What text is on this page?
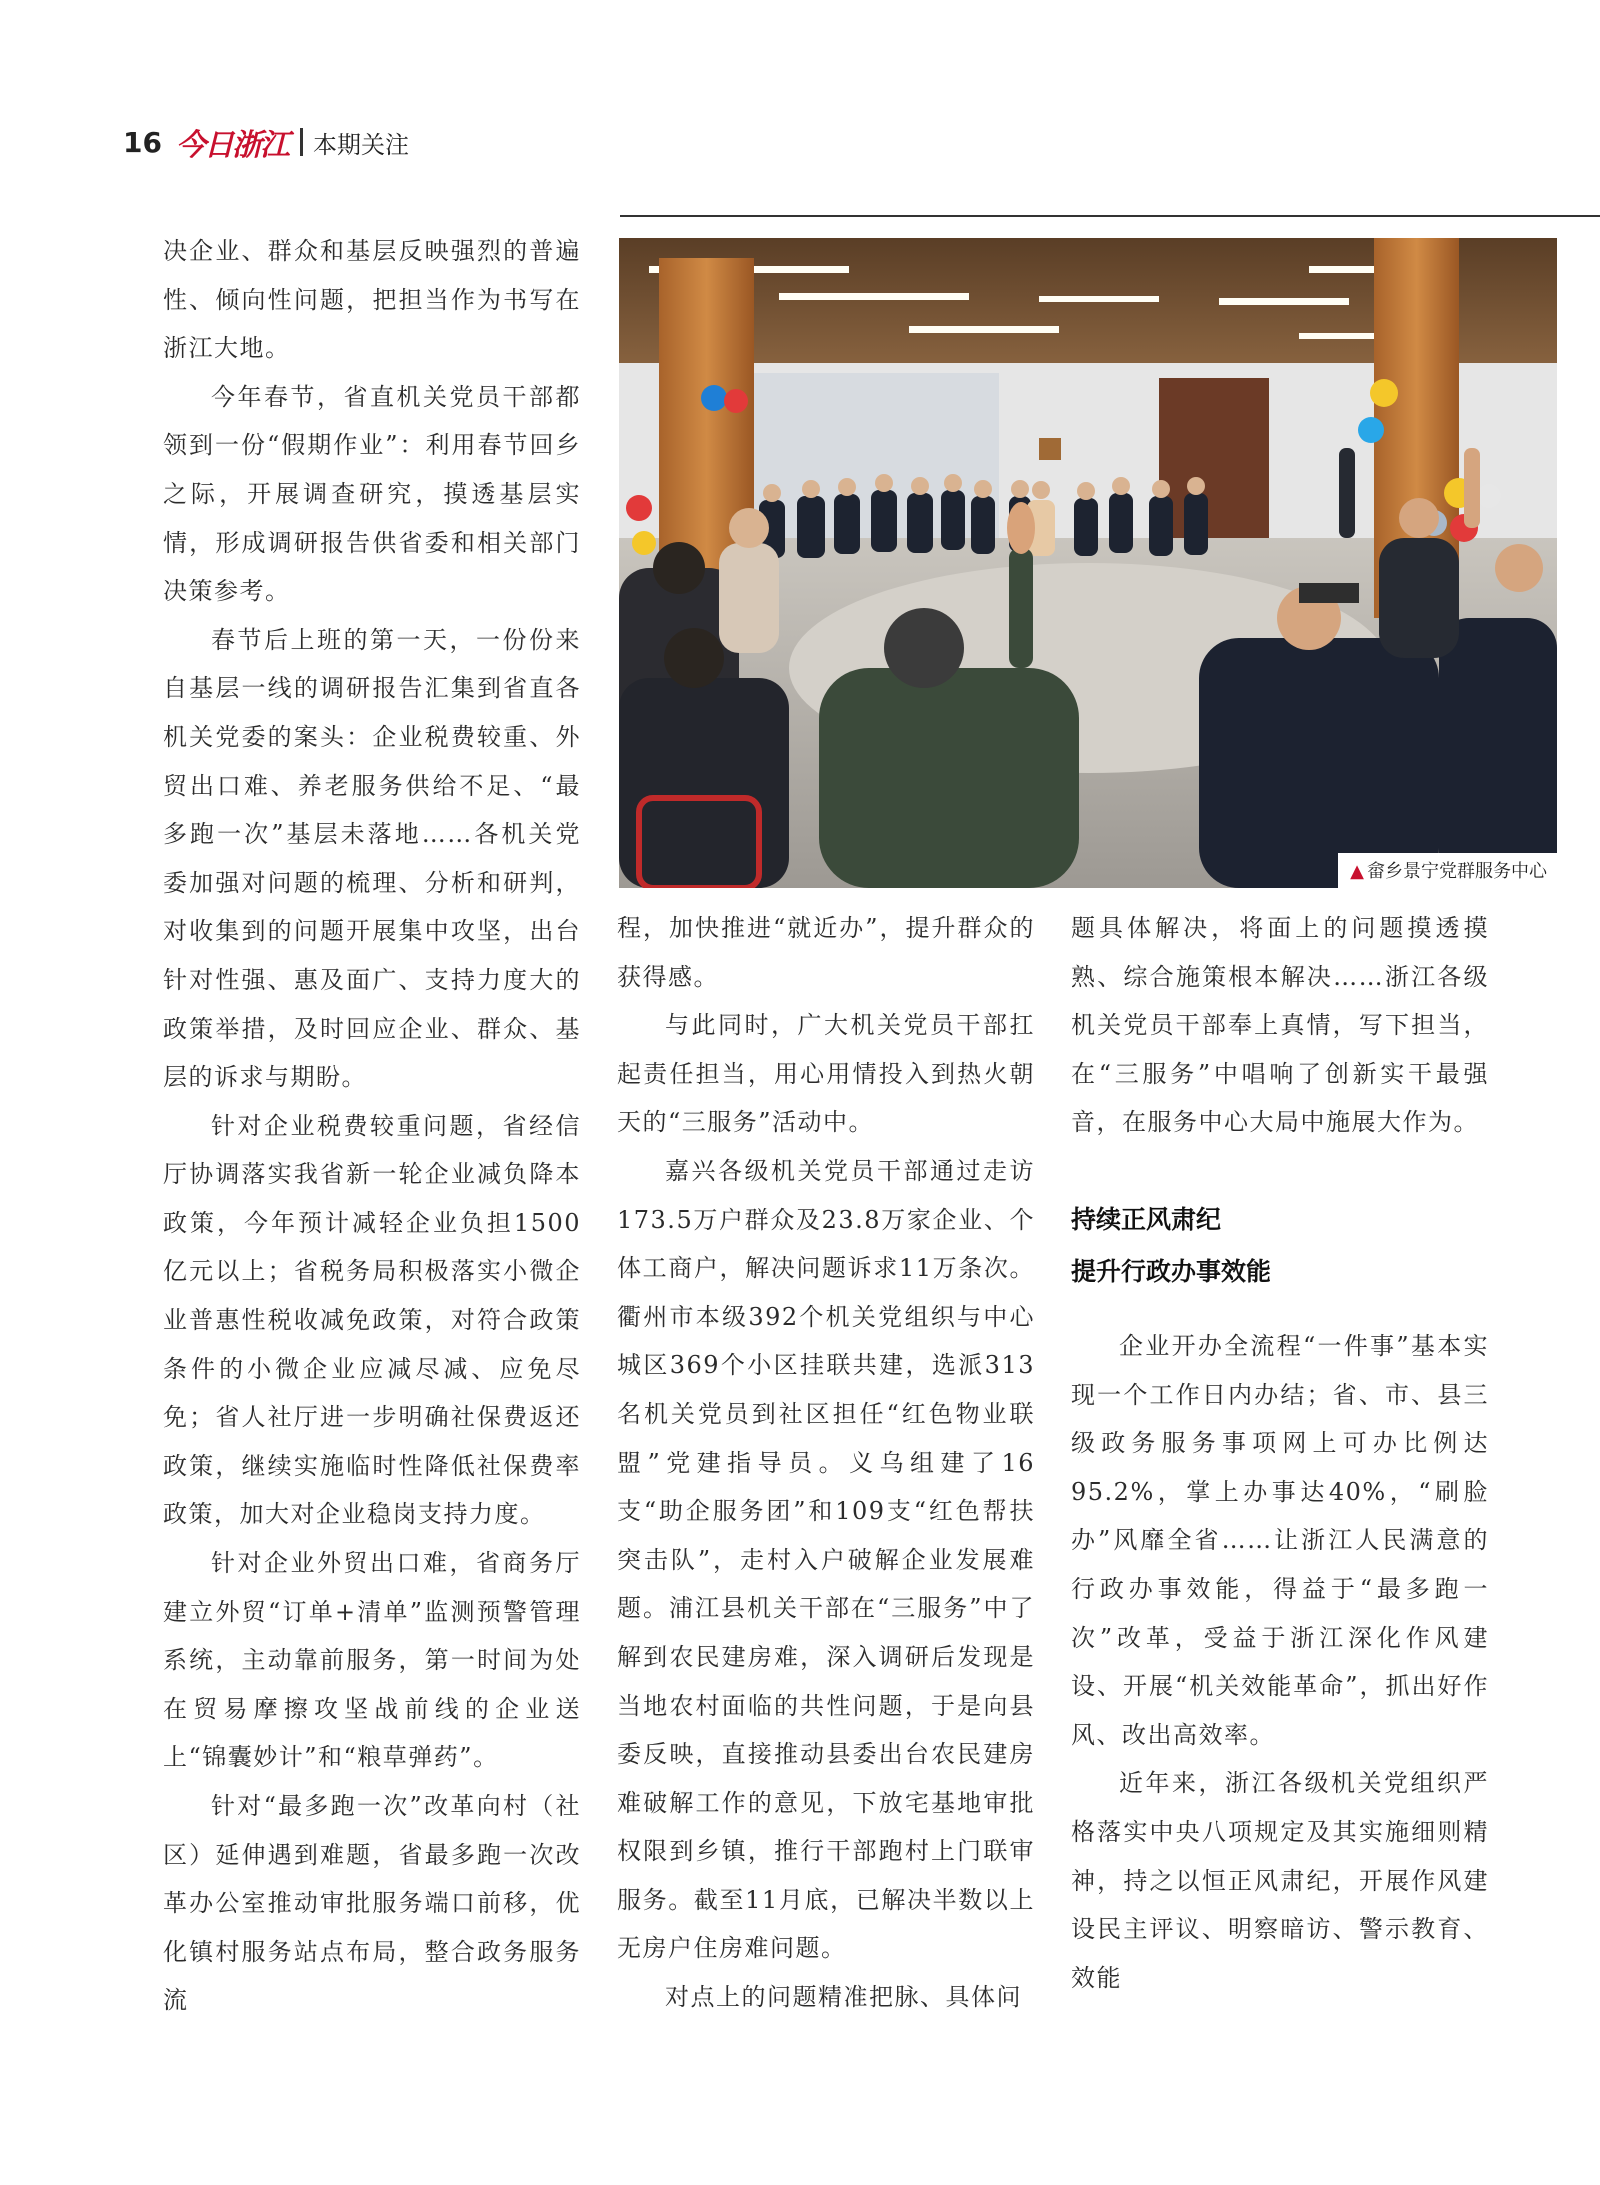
16 今日浙江 本期关注

决企业、群众和基层反映强烈的普遍性、倾向性问题，把担当作为书写在浙江大地。

今年春节，省直机关党员干部都领到一份“假期作业”：利用春节回乡之际，开展调查研究，摸透基层实情，形成调研报告供省委和相关部门决策参考。

春节后上班的第一天，一份份来自基层一线的调研报告汇集到省直各机关党委的案头：企业税费较重、外贸出口难、养老服务供给不足、“最多跑一次”基层未落地……各机关党委加强对问题的梳理、分析和研判，对收集到的问题开展集中攻坚，出台针对性强、惠及面广、支持力度大的政策举措，及时回应企业、群众、基层的诉求与期盼。

针对企业税费较重问题，省经信厅协调落实我省新一轮企业减负降本政策，今年预计减轻企业负担1500亿元以上；省税务局积极落实小微企业普惠性税收减免政策，对符合政策条件的小微企业应减尽减、应免尽免；省人社厅进一步明确社保费返还政策，继续实施临时性降低社保费率政策，加大对企业稳岗支持力度。

针对企业外贸出口难，省商务厅建立外贸“订单+清单”监测预警管理系统，主动靠前服务，第一时间为处在贸易摩擦攻坚战前线的企业送上“锦囊妙计”和“粮草弹药”。

针对“最多跑一次”改革向村（社区）延伸遇到难题，省最多跑一次改革办公室推动审批服务端口前移，优化镇村服务站点布局，整合政务服务流

▲ 畲乡景宁党群服务中心

程，加快推进“就近办”，提升群众的获得感。

与此同时，广大机关党员干部扛起责任担当，用心用情投入到热火朝天的“三服务”活动中。

嘉兴各级机关党员干部通过走访173.5万户群众及23.8万家企业、个体工商户，解决问题诉求11万条次。衢州市本级392个机关党组织与中心城区369个小区挂联共建，选派313名机关党员到社区担任“红色物业联盟”党建指导员。义乌组建了16支“助企服务团”和109支“红色帮扶突击队”，走村入户破解企业发展难题。浦江县机关干部在“三服务”中了解到农民建房难，深入调研后发现是当地农村面临的共性问题，于是向县委反映，直接推动县委出台农民建房难破解工作的意见，下放宅基地审批权限到乡镇，推行干部跑村上门联审服务。截至11月底，已解决半数以上无房户住房难问题。

对点上的问题精准把脉、具体问

题具体解决，将面上的问题摸透摸熟、综合施策根本解决……浙江各级机关党员干部奉上真情，写下担当，在“三服务”中唱响了创新实干最强音，在服务中心大局中施展大作为。

持续正风肃纪
提升行政办事效能

企业开办全流程“一件事”基本实现一个工作日内办结；省、市、县三级政务服务事项网上可办比例达95.2%，掌上办事达40%，“刷脸办”风靡全省……让浙江人民满意的行政办事效能，得益于“最多跑一次”改革，受益于浙江深化作风建设、开展“机关效能革命”，抓出好作风、改出高效率。

近年来，浙江各级机关党组织严格落实中央八项规定及其实施细则精神，持之以恒正风肃纪，开展作风建设民主评议、明察暗访、警示教育、效能
